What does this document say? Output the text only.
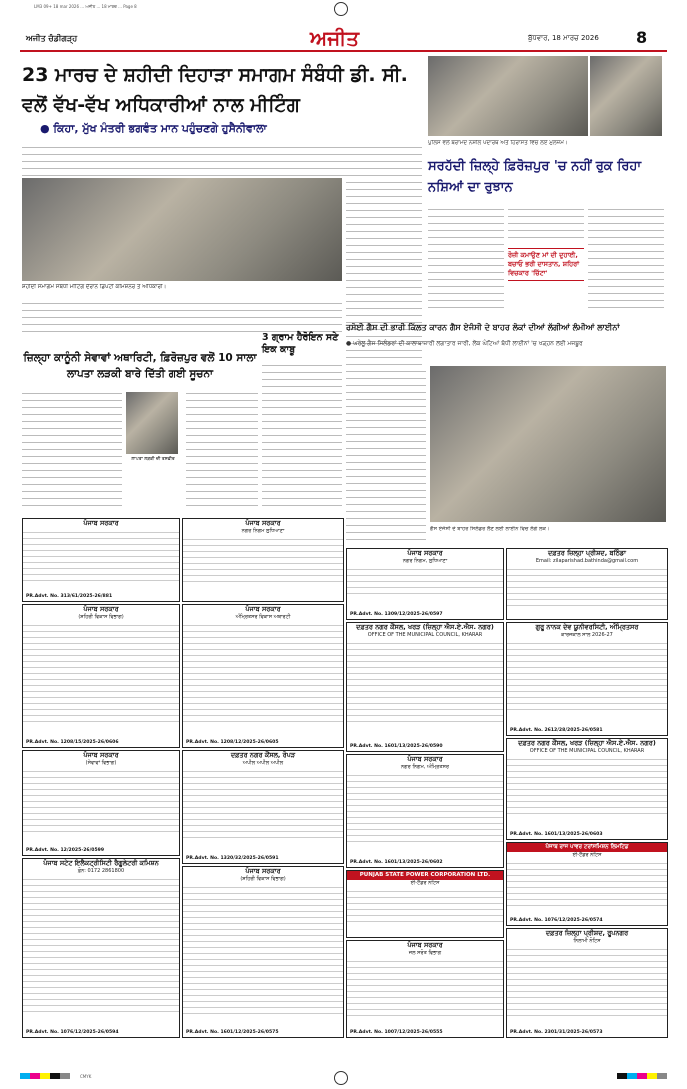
LM3 09+ 18 mar 2026 ... ਅਜੀਤ ... 18 ਮਾਰਚ ... Page 8
ਅਜੀਤ ਚੰਡੀਗੜ੍ਹ	ਅਜੀਤ	ਬੁੱਧਵਾਰ, 18 ਮਾਰਚ 2026 8
23 ਮਾਰਚ ਦੇ ਸ਼ਹੀਦੀ ਦਿਹਾੜਾ ਸਮਾਗਮ ਸੰਬੰਧੀ ਡੀ. ਸੀ. ਵਲੋਂ ਵੱਖ-ਵੱਖ ਅਧਿਕਾਰੀਆਂ ਨਾਲ ਮੀਟਿੰਗ
● ਕਿਹਾ, ਮੁੱਖ ਮੰਤਰੀ ਭਗਵੰਤ ਮਾਨ ਪਹੁੰਚਣਗੇ ਹੁਸੈਨੀਵਾਲਾ
ਸ਼ਹੀਦੀ ਸਮਾਗਮ ਸਬੰਧੀ ਮੀਟਿੰਗ ਦੌਰਾਨ ਡਿਪਟੀ ਕਮਿਸ਼ਨਰ ਤੇ ਅਧਿਕਾਰੀ।
3 ਗ੍ਰਾਮ ਹੈਰੋਇਨ ਸਣੇ ਇਕ ਕਾਬੂ
ਜ਼ਿਲ੍ਹਾ ਕਾਨੂੰਨੀ ਸੇਵਾਵਾਂ ਅਥਾਰਿਟੀ, ਫ਼ਿਰੋਜ਼ਪੁਰ ਵਲੋਂ 10 ਸਾਲਾ ਲਾਪਤਾ ਲੜਕੀ ਬਾਰੇ ਦਿੱਤੀ ਗਈ ਸੂਚਨਾ
ਲਾਪਤਾ ਲੜਕੀ ਦੀ ਤਸਵੀਰ
ਪੁਲਿਸ ਵਲੋਂ ਬਰਾਮਦ ਨਸ਼ੀਲੇ ਪਦਾਰਥ ਅਤੇ ਹਿਰਾਸਤ ਵਿਚ ਲਏ ਮੁਲਜ਼ਮ।
ਸਰਹੱਦੀ ਜ਼ਿਲ੍ਹੇ ਫ਼ਿਰੋਜ਼ਪੁਰ 'ਚ ਨਹੀਂ ਰੁਕ ਰਿਹਾ ਨਸ਼ਿਆਂ ਦਾ ਰੁਝਾਨ
ਰੋਜ਼ੀ ਕਮਾਉਣ ਮਾਂ ਦੀ ਦੁਹਾਈ, ਬਚਾਓ ਭਰੀ ਦਾਸਤਾਨ, ਸ਼ਹਿਰਾਂ ਵਿਚਕਾਰ 'ਚਿੱਟਾ'
ਰਸੋਈ ਗੈਸ ਦੀ ਭਾਰੀ ਕਿੱਲਤ ਕਾਰਨ ਗੈਸ ਏਜੰਸੀ ਦੇ ਬਾਹਰ ਲੋਕਾਂ ਦੀਆਂ ਲੱਗੀਆਂ ਲੰਮੀਆਂ ਲਾਈਨਾਂ
● ਘਰੇਲੂ ਗੈਸ ਸਿਲੰਡਰਾਂ ਦੀ ਕਾਲਾਬਾਜ਼ਾਰੀ ਲਗਾਤਾਰ ਜਾਰੀ, ਲੋਕ ਘੰਟਿਆਂ ਬੱਧੀ ਲਾਈਨਾਂ 'ਚ ਖੜ੍ਹਨ ਲਈ ਮਜਬੂਰ
ਗੈਸ ਏਜੰਸੀ ਦੇ ਬਾਹਰ ਸਿਲੰਡਰ ਲੈਣ ਲਈ ਲਾਈਨ ਵਿਚ ਲੱਗੇ ਲੋਕ।
ਪੰਜਾਬ ਸਰਕਾਰ
PR.Advt. No. 313/61/2025-26/881
ਪੰਜਾਬ ਸਰਕਾਰ
ਨਗਰ ਨਿਗਮ ਲੁਧਿਆਣਾ
ਪੰਜਾਬ ਸਰਕਾਰ
ਨਗਰ ਨਿਗਮ, ਲੁਧਿਆਣਾ
PR.Advt. No. 1309/12/2025-26/0597
ਦਫ਼ਤਰ ਜ਼ਿਲ੍ਹਾ ਪ੍ਰੀਸ਼ਦ, ਬਠਿੰਡਾ
Email: zilaparishad.bathinda@gmail.com
ਪੰਜਾਬ ਸਰਕਾਰ
(ਸ਼ਹਿਰੀ ਵਿਕਾਸ ਵਿਭਾਗ)
PR.Advt. No. 1208/15/2025-26/0606
ਪੰਜਾਬ ਸਰਕਾਰ
ਅੰਮ੍ਰਿਤਸਰ ਵਿਕਾਸ ਅਥਾਰਟੀ
PR.Advt. No. 1208/12/2025-26/0605
ਦਫ਼ਤਰ ਨਗਰ ਕੌਂਸਲ, ਖਰੜ (ਜ਼ਿਲ੍ਹਾ ਐਸ.ਏ.ਐਸ. ਨਗਰ)
OFFICE OF THE MUNICIPAL COUNCIL, KHARAR
PR.Advt. No. 1601/13/2025-26/0590
ਗੁਰੂ ਨਾਨਕ ਦੇਵ ਯੂਨੀਵਰਸਿਟੀ, ਅੰਮ੍ਰਿਤਸਰ
ਕਾਰਜਕਾਲ ਸਾਲ 2026-27
PR.Advt. No. 2612/28/2025-26/0581
ਪੰਜਾਬ ਸਰਕਾਰ
(ਸੇਵਾਵਾਂ ਵਿਭਾਗ)
PR.Advt. No. 12/2025-26/0599
ਦਫ਼ਤਰ ਨਗਰ ਕੌਂਸਲ, ਰੋਪੜ
ਅਪੀਲ ਅਪੀਲ ਅਪੀਲ
PR.Advt. No. 1320/32/2025-26/0591
ਪੰਜਾਬ ਸਰਕਾਰ
ਨਗਰ ਨਿਗਮ, ਅੰਮ੍ਰਿਤਸਰ
PR.Advt. No. 1601/13/2025-26/0602
ਦਫ਼ਤਰ ਨਗਰ ਕੌਂਸਲ, ਖਰੜ (ਜ਼ਿਲ੍ਹਾ ਐਸ.ਏ.ਐਸ. ਨਗਰ)
OFFICE OF THE MUNICIPAL COUNCIL, KHARAR
PR.Advt. No. 1601/13/2025-26/0603
ਪੰਜਾਬ ਸਟੇਟ ਇਲੈਕਟ੍ਰੀਸਿਟੀ ਰੈਗੂਲੇਟਰੀ ਕਮਿਸ਼ਨ
ਫ਼ੋਨ: 0172 2861800
PR.Advt. No. 1076/12/2025-26/0594
ਪੰਜਾਬ ਸਰਕਾਰ
(ਸ਼ਹਿਰੀ ਵਿਕਾਸ ਵਿਭਾਗ)
PR.Advt. No. 1601/12/2025-26/0575
PUNJAB STATE POWER CORPORATION LTD.
ਈ-ਟੈਂਡਰ ਨੋਟਿਸ
ਪੰਜਾਬ ਰਾਜ ਪਾਵਰ ਟਰਾਂਸਮਿਸ਼ਨ ਲਿਮਟਿਡ
ਈ-ਟੈਂਡਰ ਨੋਟਿਸ
PR.Advt. No. 1076/12/2025-26/0574
ਪੰਜਾਬ ਸਰਕਾਰ
ਜਲ ਸਰੋਤ ਵਿਭਾਗ
PR.Advt. No. 1007/12/2025-26/0555
ਦਫ਼ਤਰ ਜ਼ਿਲ੍ਹਾ ਪ੍ਰੀਸ਼ਦ, ਰੂਪਨਗਰ
ਨਿਲਾਮੀ ਨੋਟਿਸ
PR.Advt. No. 2301/31/2025-26/0573
CMYK
